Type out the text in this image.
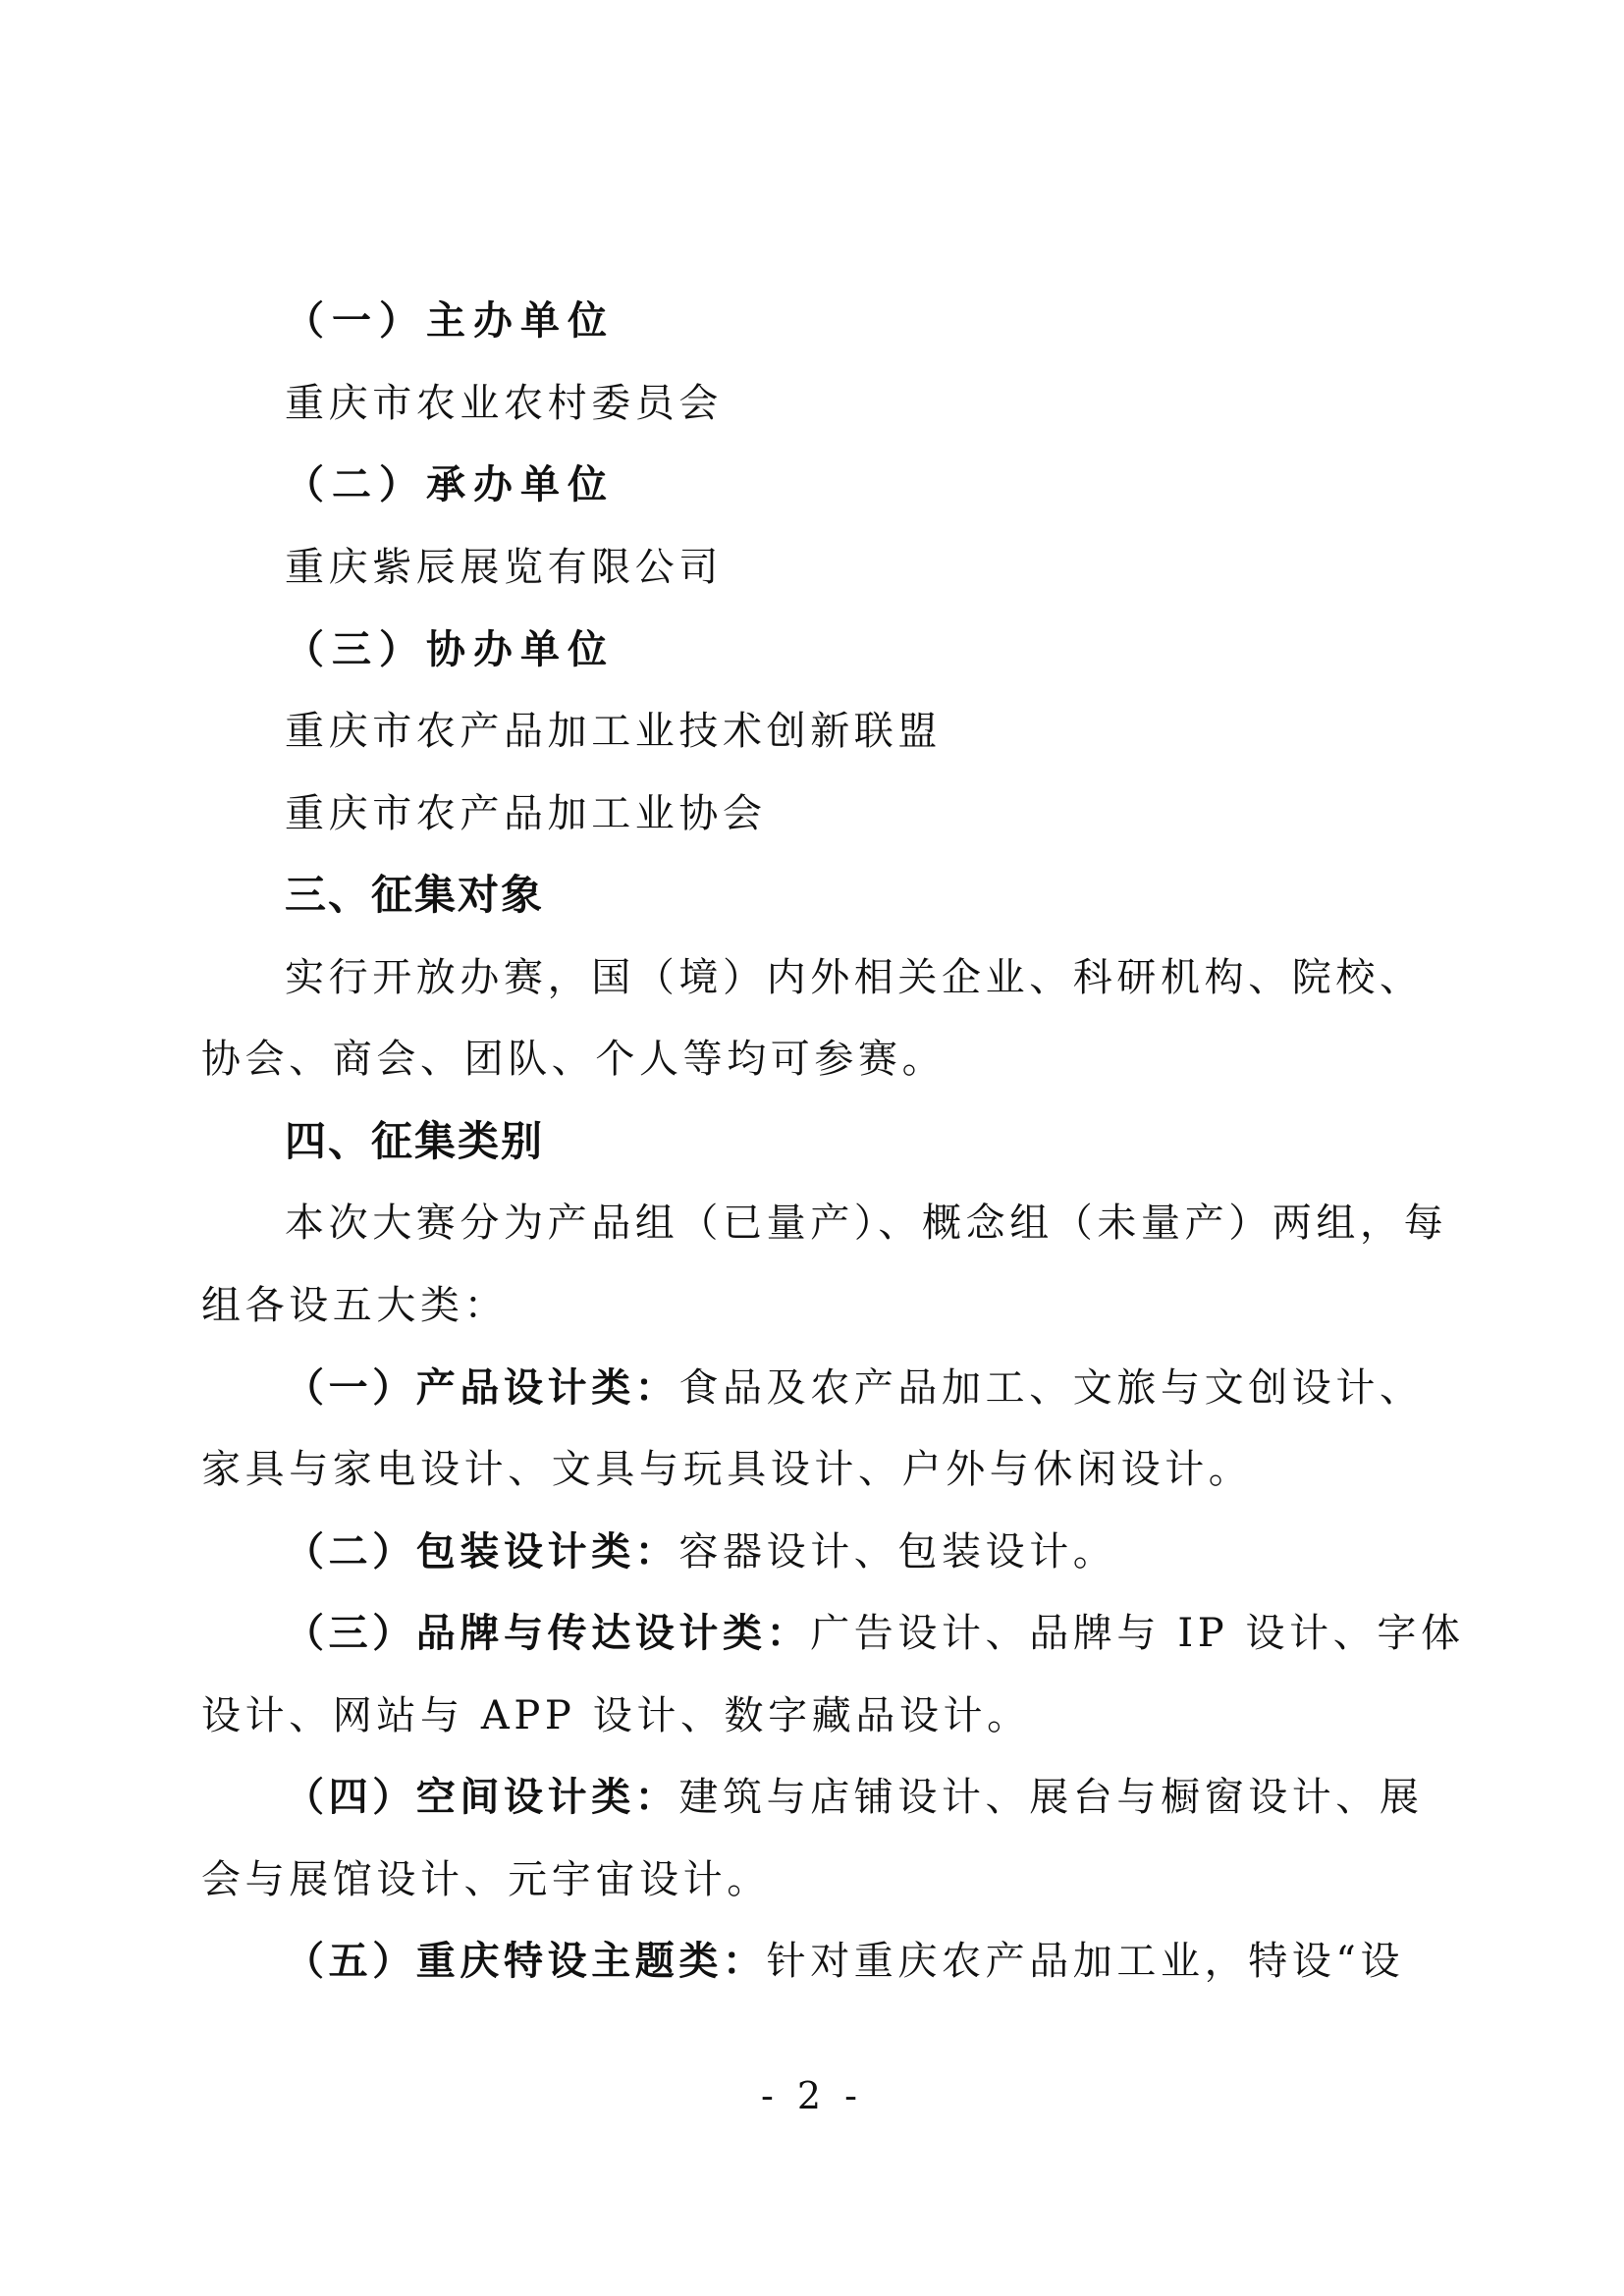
（一）主办单位
重庆市农业农村委员会
（二）承办单位
重庆紫辰展览有限公司
（三）协办单位
重庆市农产品加工业技术创新联盟
重庆市农产品加工业协会
三、征集对象
实行开放办赛，国（境）内外相关企业、科研机构、院校、
协会、商会、团队、个人等均可参赛。
四、征集类别
本次大赛分为产品组（已量产）、概念组（未量产）两组，每
组各设五大类：
（一）产品设计类：食品及农产品加工、文旅与文创设计、
家具与家电设计、文具与玩具设计、户外与休闲设计。
（二）包装设计类：容器设计、包装设计。
（三）品牌与传达设计类：广告设计、品牌与 IP 设计、字体
设计、网站与 APP 设计、数字藏品设计。
（四）空间设计类：建筑与店铺设计、展台与橱窗设计、展
会与展馆设计、元宇宙设计。
（五）重庆特设主题类：针对重庆农产品加工业，特设“设
- 2 -
